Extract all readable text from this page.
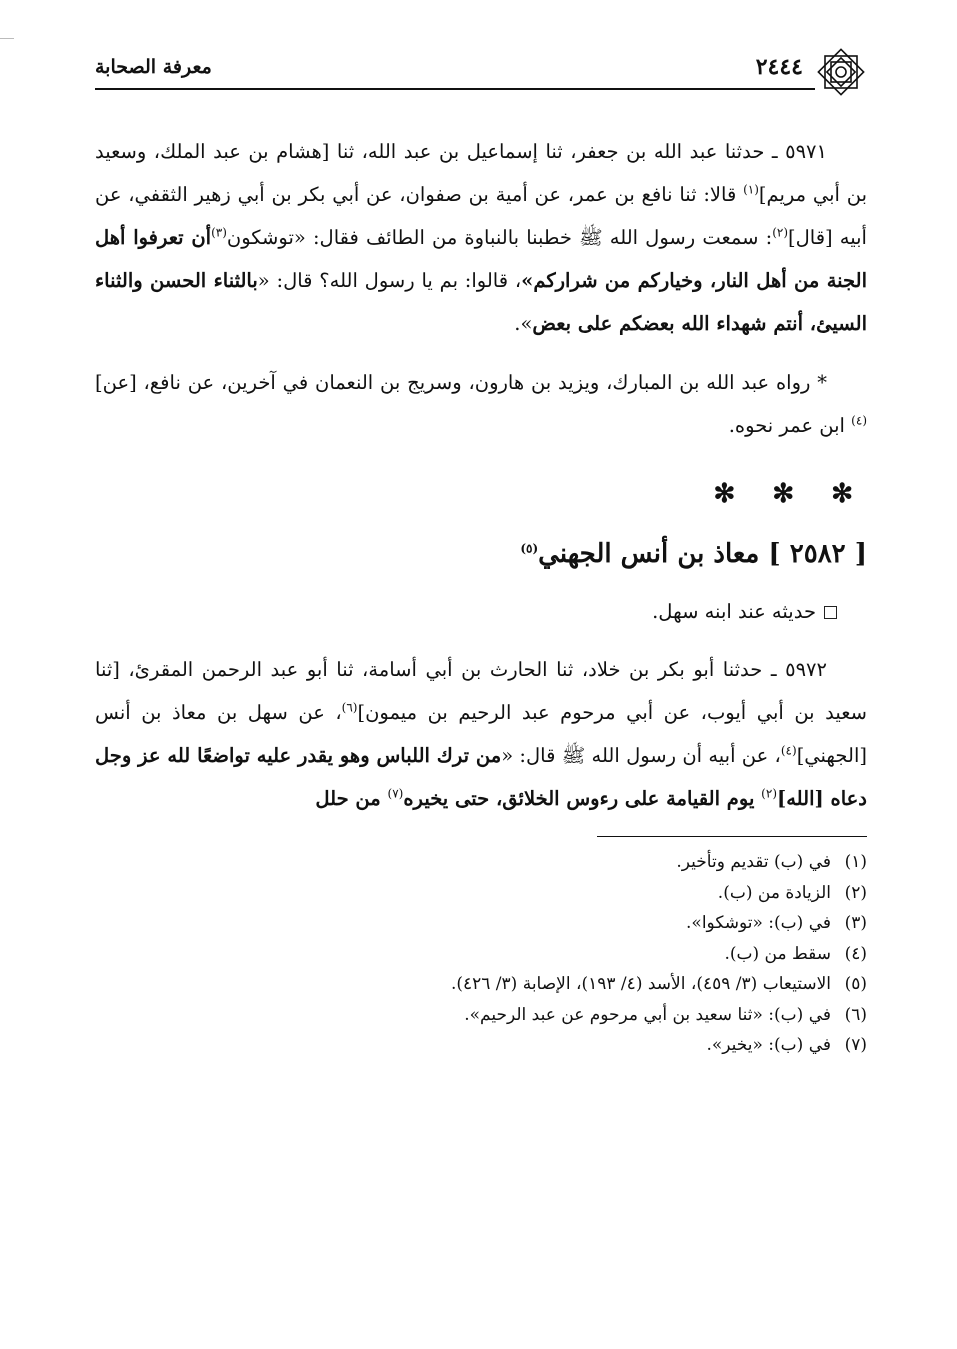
٢٤٤٤
معرفة الصحابة

٥٩٧١ ـ حدثنا عبد الله بن جعفر، ثنا إسماعيل بن عبد الله، ثنا [هشام بن عبد الملك، وسعيد بن أبي مريم]$^{(١)}$ قالا: ثنا نافع بن عمر، عن أمية بن صفوان، عن أبي بكر بن أبي زهير الثقفي، عن أبيه [قال]$^{(٢)}$: سمعت رسول الله ﷺ خطبنا بالنباوة من الطائف فقال: «توشكون$^{(٣)}$أن تعرفوا أهل الجنة من أهل النار، وخياركم من شراركم»، قالوا: بم يا رسول الله؟ قال: «بالثناء الحسن والثناء السيئ، أنتم شهداء الله بعضكم على بعض».

* رواه عبد الله بن المبارك، ويزيد بن هارون، وسريج بن النعمان في آخرين، عن نافع، [عن]$^{(٤)}$ ابن عمر نحوه.

✻ ✻ ✻
[ ٢٥٨٢ ] معاذ بن أنس الجهني$^{(٥)}$
حديثه عند ابنه سهل.

٥٩٧٢ ـ حدثنا أبو بكر بن خلاد، ثنا الحارث بن أبي أسامة، ثنا أبو عبد الرحمن المقرئ، [ثنا سعيد بن أبي أيوب، عن أبي مرحوم عبد الرحيم بن ميمون]$^{(٦)}$، عن سهل بن معاذ بن أنس [الجهني]$^{(٤)}$، عن أبيه أن رسول الله ﷺ قال: «من ترك اللباس وهو يقدر عليه تواضعًا لله عز وجل دعاه [الله]$^{(٢)}$ يوم القيامة على رءوس الخلائق، حتى يخيره$^{(٧)}$ من حلل

(١)في (ب) تقديم وتأخير.

(٢)الزيادة من (ب).

(٣)في (ب): «توشكوا».

(٤)سقط من (ب).

(٥)الاستيعاب (٣/ ٤٥٩)، الأسد (٤/ ١٩٣)، الإصابة (٣/ ٤٢٦).

(٦)في (ب): «ثنا سعيد بن أبي مرحوم عن عبد الرحيم».

(٧)في (ب): «يخير».
